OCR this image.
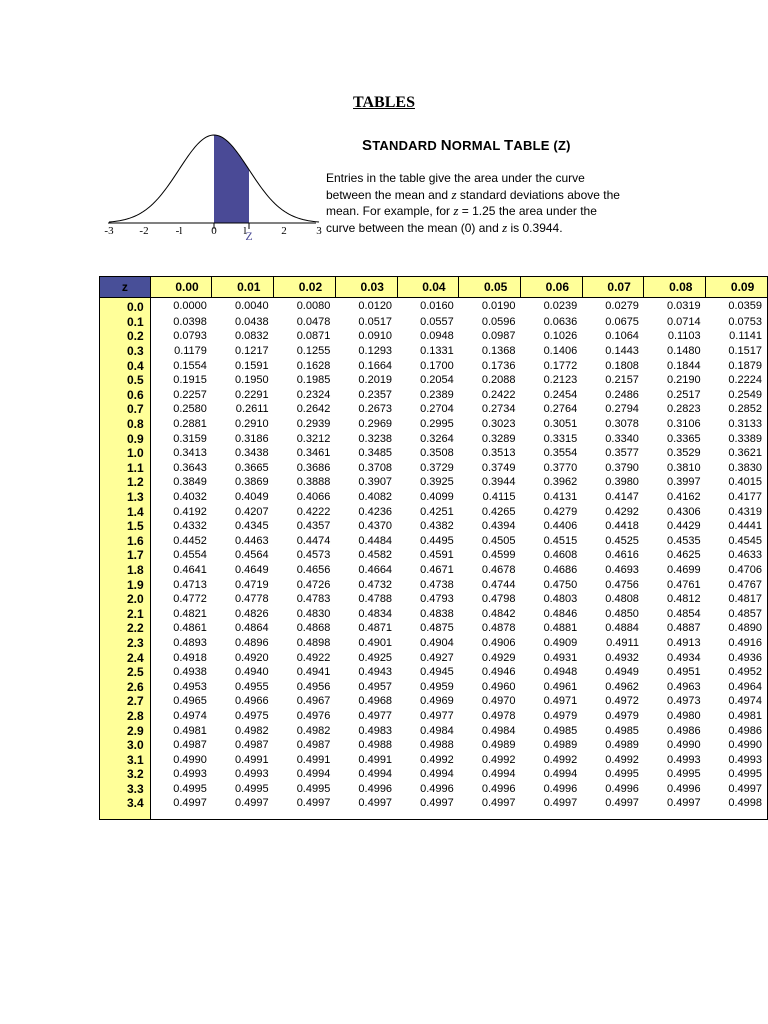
TABLES
STANDARD NORMAL TABLE (Z)
-3 -2 -l	0 l	2	3
Z
Entries in the table give the area under the curve between the mean and z standard deviations above the mean. For example, for z = 1.25 the area under the curve between the mean (0) and z is 0.3944.
z	0.00	0.01	0.02	0.03	0.04	0.05	0.06	0.07	0.08	0.09
0.0	0.0000	0.0040	0.0080	0.0120	0.0160	0.0190	0.0239	0.0279	0.0319	0.0359
0.1	0.0398	0.0438	0.0478	0.0517	0.0557	0.0596	0.0636	0.0675	0.0714	0.0753
0.2	0.0793	0.0832	0.0871	0.0910	0.0948	0.0987	0.1026	0.1064	0.1103	0.1141
0.3	0.1179	0.1217	0.1255	0.1293	0.1331	0.1368	0.1406	0.1443	0.1480	0.1517
0.4	0.1554	0.1591	0.1628	0.1664	0.1700	0.1736	0.1772	0.1808	0.1844	0.1879
0.5	0.1915	0.1950	0.1985	0.2019	0.2054	0.2088	0.2123	0.2157	0.2190	0.2224
0.6	0.2257	0.2291	0.2324	0.2357	0.2389	0.2422	0.2454	0.2486	0.2517	0.2549
0.7	0.2580	0.2611	0.2642	0.2673	0.2704	0.2734	0.2764	0.2794	0.2823	0.2852
0.8	0.2881	0.2910	0.2939	0.2969	0.2995	0.3023	0.3051	0.3078	0.3106	0.3133
0.9	0.3159	0.3186	0.3212	0.3238	0.3264	0.3289	0.3315	0.3340	0.3365	0.3389
1.0	0.3413	0.3438	0.3461	0.3485	0.3508	0.3513	0.3554	0.3577	0.3529	0.3621
1.1	0.3643	0.3665	0.3686	0.3708	0.3729	0.3749	0.3770	0.3790	0.3810	0.3830
1.2	0.3849	0.3869	0.3888	0.3907	0.3925	0.3944	0.3962	0.3980	0.3997	0.4015
1.3	0.4032	0.4049	0.4066	0.4082	0.4099	0.4115	0.4131	0.4147	0.4162	0.4177
1.4	0.4192	0.4207	0.4222	0.4236	0.4251	0.4265	0.4279	0.4292	0.4306	0.4319
1.5	0.4332	0.4345	0.4357	0.4370	0.4382	0.4394	0.4406	0.4418	0.4429	0.4441
1.6	0.4452	0.4463	0.4474	0.4484	0.4495	0.4505	0.4515	0.4525	0.4535	0.4545
1.7	0.4554	0.4564	0.4573	0.4582	0.4591	0.4599	0.4608	0.4616	0.4625	0.4633
1.8	0.4641	0.4649	0.4656	0.4664	0.4671	0.4678	0.4686	0.4693	0.4699	0.4706
1.9	0.4713	0.4719	0.4726	0.4732	0.4738	0.4744	0.4750	0.4756	0.4761	0.4767
2.0	0.4772	0.4778	0.4783	0.4788	0.4793	0.4798	0.4803	0.4808	0.4812	0.4817
2.1	0.4821	0.4826	0.4830	0.4834	0.4838	0.4842	0.4846	0.4850	0.4854	0.4857
2.2	0.4861	0.4864	0.4868	0.4871	0.4875	0.4878	0.4881	0.4884	0.4887	0.4890
2.3	0.4893	0.4896	0.4898	0.4901	0.4904	0.4906	0.4909	0.4911	0.4913	0.4916
2.4	0.4918	0.4920	0.4922	0.4925	0.4927	0.4929	0.4931	0.4932	0.4934	0.4936
2.5	0.4938	0.4940	0.4941	0.4943	0.4945	0.4946	0.4948	0.4949	0.4951	0.4952
2.6	0.4953	0.4955	0.4956	0.4957	0.4959	0.4960	0.4961	0.4962	0.4963	0.4964
2.7	0.4965	0.4966	0.4967	0.4968	0.4969	0.4970	0.4971	0.4972	0.4973	0.4974
2.8	0.4974	0.4975	0.4976	0.4977	0.4977	0.4978	0.4979	0.4979	0.4980	0.4981
2.9	0.4981	0.4982	0.4982	0.4983	0.4984	0.4984	0.4985	0.4985	0.4986	0.4986
3.0	0.4987	0.4987	0.4987	0.4988	0.4988	0.4989	0.4989	0.4989	0.4990	0.4990
3.1	0.4990	0.4991	0.4991	0.4991	0.4992	0.4992	0.4992	0.4992	0.4993	0.4993
3.2	0.4993	0.4993	0.4994	0.4994	0.4994	0.4994	0.4994	0.4995	0.4995	0.4995
3.3	0.4995	0.4995	0.4995	0.4996	0.4996	0.4996	0.4996	0.4996	0.4996	0.4997
3.4	0.4997	0.4997	0.4997	0.4997	0.4997	0.4997	0.4997	0.4997	0.4997	0.4998
